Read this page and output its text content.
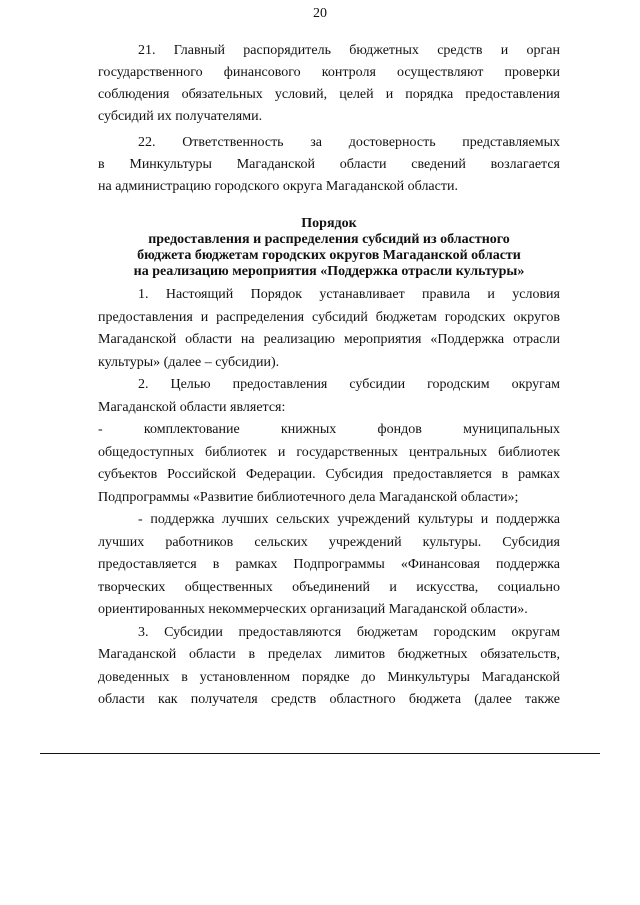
20

21. Главный распорядитель бюджетных средств и орган

государственного финансового контроля осуществляют проверки

соблюдения обязательных условий, целей и порядка предоставления

субсидий их получателями.

22. Ответственность за достоверность представляемых

в Минкультуры Магаданской области сведений возлагается

на администрацию городского округа Магаданской области.

Порядок
предоставления и распределения субсидий из областного
бюджета бюджетам городских округов Магаданской области
на реализацию мероприятия «Поддержка отрасли культуры»

1. Настоящий Порядок устанавливает правила и условия

предоставления и распределения субсидий бюджетам городских округов

Магаданской области на реализацию мероприятия «Поддержка отрасли

культуры» (далее – субсидии).

2. Целью предоставления субсидии городским округам

Магаданской области является:

- комплектование книжных фондов муниципальных

общедоступных библиотек и государственных центральных библиотек

субъектов Российской Федерации. Субсидия предоставляется в рамках

Подпрограммы «Развитие библиотечного дела Магаданской области»;

- поддержка лучших сельских учреждений культуры и поддержка

лучших работников сельских учреждений культуры. Субсидия

предоставляется в рамках Подпрограммы «Финансовая поддержка

творческих общественных объединений и искусства, социально

ориентированных некоммерческих организаций Магаданской области».

3. Субсидии предоставляются бюджетам городским округам

Магаданской области в пределах лимитов бюджетных обязательств,

доведенных в установленном порядке до Минкультуры Магаданской

области как получателя средств областного бюджета (далее также
